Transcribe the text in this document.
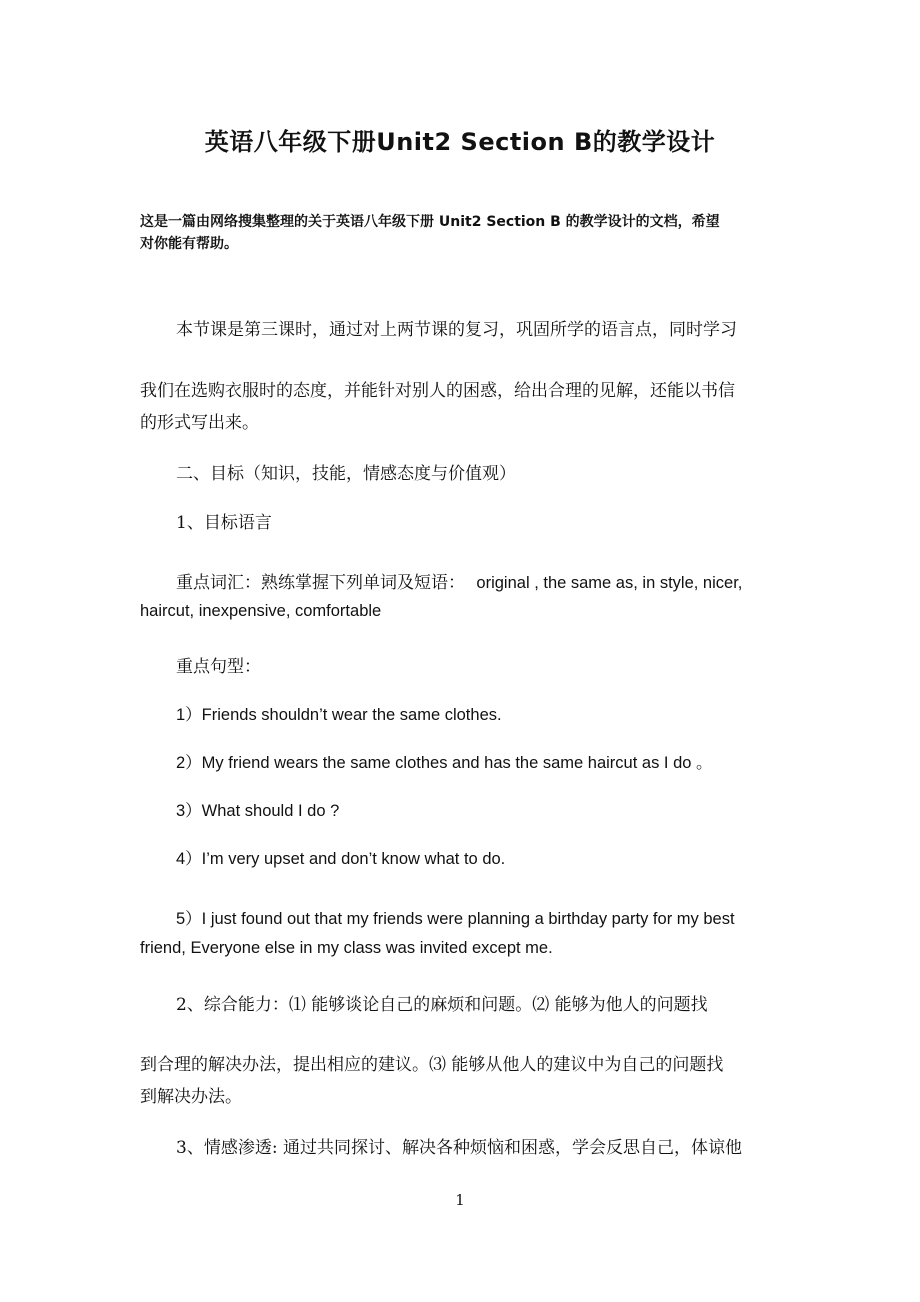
英语八年级下册Unit2 Section B的教学设计
这是一篇由网络搜集整理的关于英语八年级下册 Unit2 Section B 的教学设计的文档，希望
对你能有帮助。
本节课是第三课时，通过对上两节课的复习，巩固所学的语言点，同时学习
我们在选购衣服时的态度，并能针对别人的困惑，给出合理的见解，还能以书信
的形式写出来。
二、目标（知识，技能，情感态度与价值观）
1、目标语言
重点词汇：熟练掌握下列单词及短语： original , the same as, in style, nicer,
haircut, inexpensive, comfortable
重点句型：
1）Friends shouldn’t wear the same clothes.
2）My friend wears the same clothes and has the same haircut as I do 。
3）What should I do ?
4）I’m very upset and don’t know what to do.
5）I just found out that my friends were planning a birthday party for my best
friend, Everyone else in my class was invited except me.
2、综合能力：⑴ 能够谈论自己的麻烦和问题。⑵ 能够为他人的问题找
到合理的解决办法，提出相应的建议。⑶ 能够从他人的建议中为自己的问题找
到解决办法。
3、情感渗透: 通过共同探讨、解决各种烦恼和困惑，学会反思自己，体谅他
1
